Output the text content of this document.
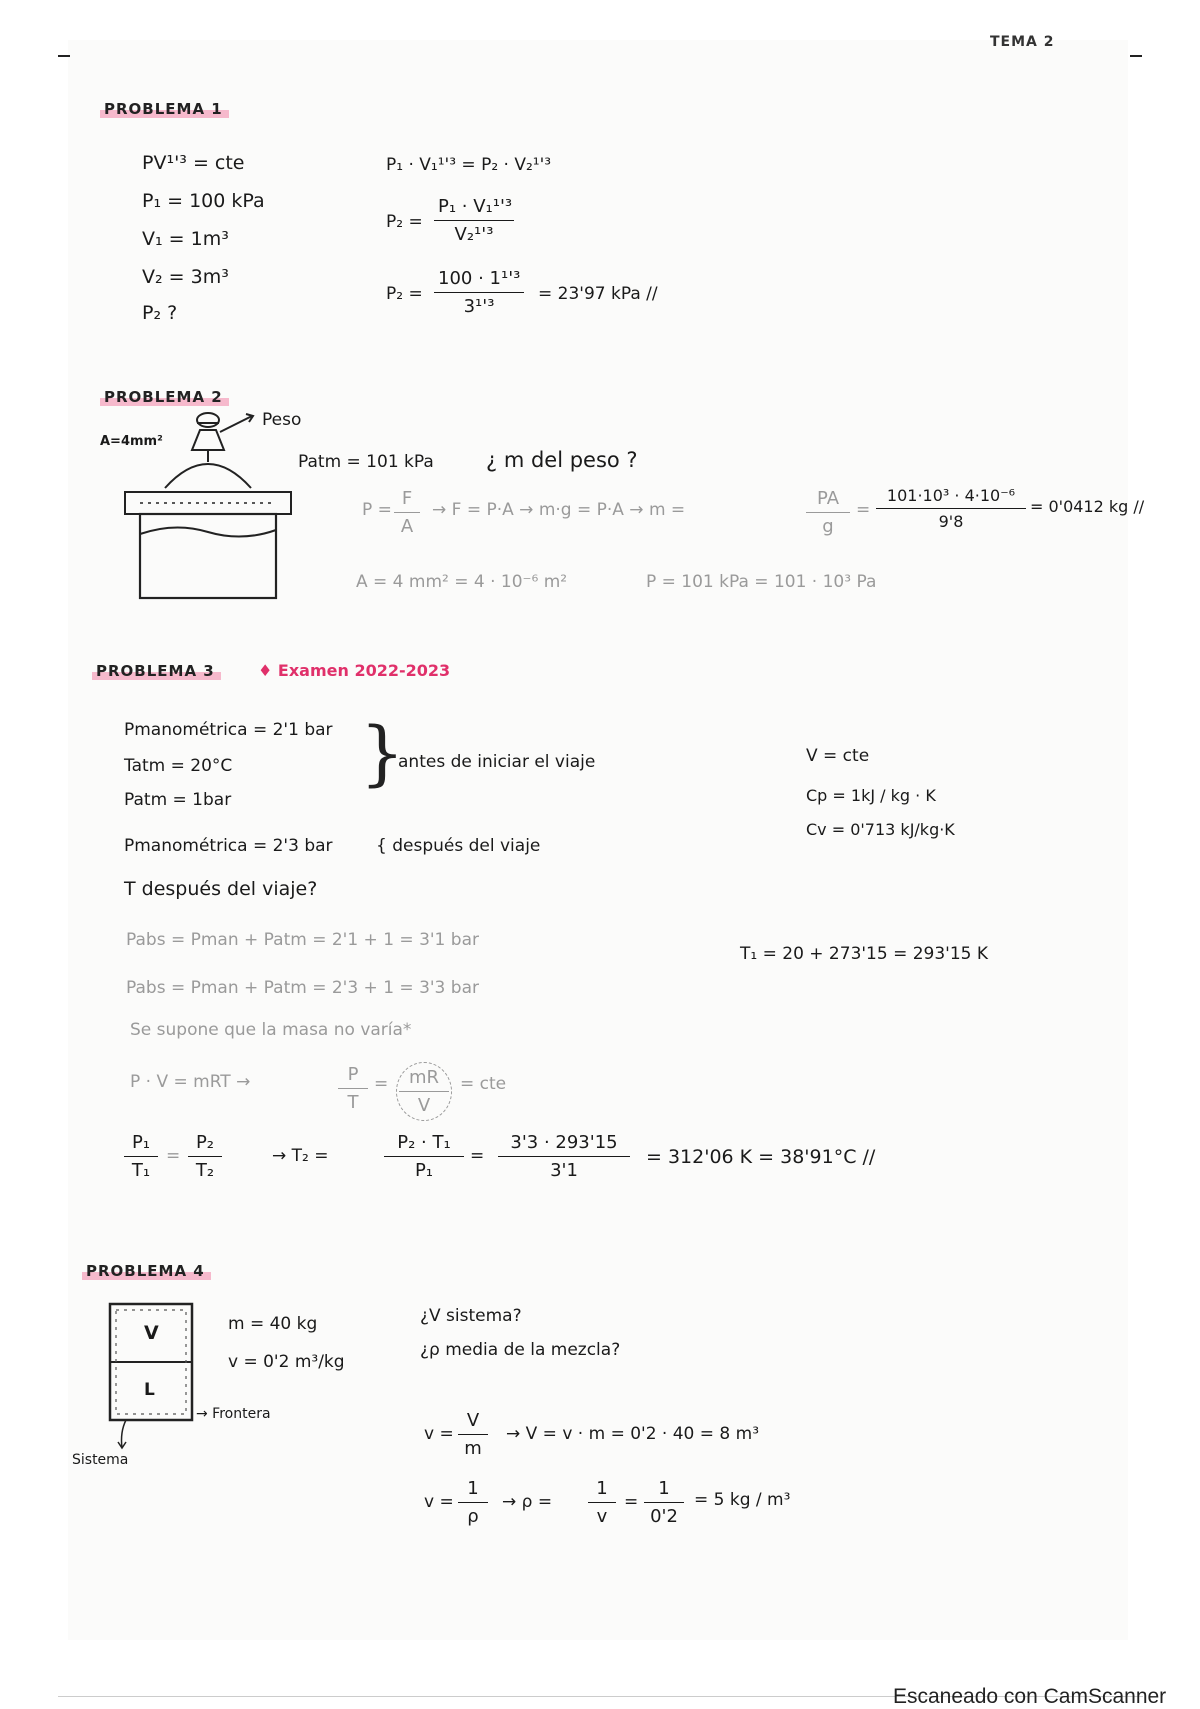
TEMA 2
PROBLEMA 1
PV¹'³ = cte
P₁ = 100 kPa
V₁ = 1m³
V₂ = 3m³
P₂ ?
P₁ · V₁¹'³ = P₂ · V₂¹'³
$P_2 = \frac{\text{P₁ · V₁¹'³}}{\text{V₂¹'³}}$
$P_2 = \frac{\text{100 · 1¹'³}}{\text{3¹'³}} = 23'97$ kPa //
PROBLEMA 2
A=4mm²
Peso
Patm = 101 kPa ¿ m del peso ?
$P = \frac{F}{A} \to F = P\cdot A \to m\cdot g = P\cdot A \to m$ =	$\frac{PA}{g} = \frac{\text{101·10³ · 4·10⁻⁶}}{9'8} = 0'0412$ kg //
A = 4 mm² = 4 · 10⁻⁶ m²	P = 101 kPa = 101 · 10³ Pa
PROBLEMA 3	♦ Examen 2022-2023
Pmanométrica = 2'1 bar
Tatm = 20°C
Patm = 1bar
}
antes de iniciar el viaje
Pmanométrica = 2'3 bar	{ después del viaje
T después del viaje?
V = cte
Cp = 1kJ / kg · K
Cv = 0'713 kJ/kg·K
Pabs = Pman + Patm = 2'1 + 1 = 3'1 bar
Pabs = Pman + Patm = 2'3 + 1 = 3'3 bar
Se supone que la masa no varía*
T₁ = 20 + 273'15 = 293'15 K
P · V = mRT →	$\frac{P}{T} = \frac{mR}{V}$ = cte
$\frac{\text{P₁}}{\text{T₁}} = \frac{\text{P₂}}{\text{T₂}}$	→ T₂ =	$\frac{\text{P₂ · T₁}}{\text{P₁}} = \frac{3'3 \cdot 293'15}{3'1} = 312'06$ K = 38'91°C //
PROBLEMA 4
V
L
→ Frontera
Sistema
m = 40 kg
v = 0'2 m³/kg
¿V sistema?
¿ρ media de la mezcla?
$v = \frac{V}{m} \to V = v \cdot m = 0'2 \cdot 40 = 8$ m³
$v = \frac{1}{\rho} \to \rho = \frac{1}{v} = \frac{1}{0'2} = 5$ kg / m³
Escaneado con CamScanner
